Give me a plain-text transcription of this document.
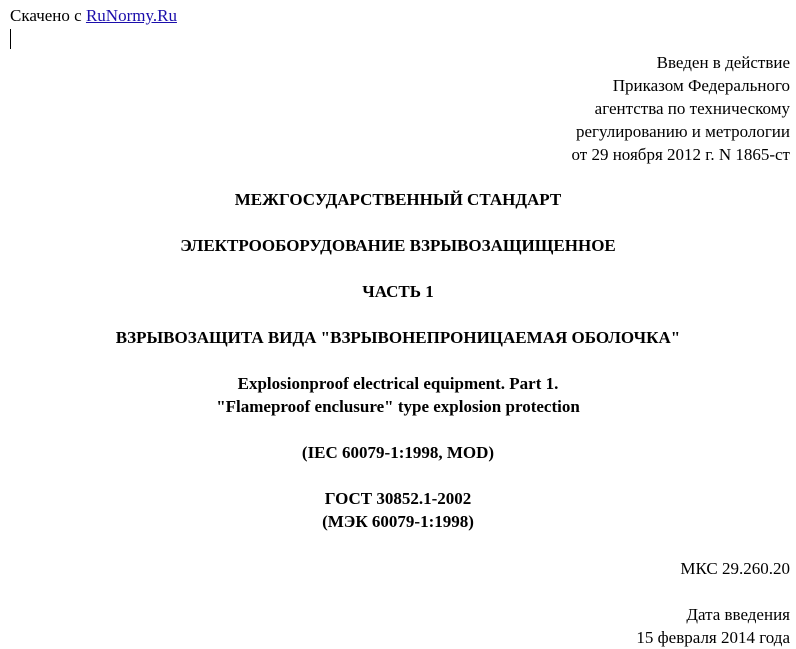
Скачено с RuNormy.Ru
Введен в действие
Приказом Федерального
агентства по техническому
регулированию и метрологии
от 29 ноября 2012 г. N 1865-ст
МЕЖГОСУДАРСТВЕННЫЙ СТАНДАРТ
ЭЛЕКТРООБОРУДОВАНИЕ ВЗРЫВОЗАЩИЩЕННОЕ
ЧАСТЬ 1
ВЗРЫВОЗАЩИТА ВИДА "ВЗРЫВОНЕПРОНИЦАЕМАЯ ОБОЛОЧКА"
Explosionproof electrical equipment. Part 1.
"Flameproof enclusure" type explosion protection
(IEC 60079-1:1998, MOD)
ГОСТ 30852.1-2002
(МЭК 60079-1:1998)
МКС 29.260.20
Дата введения
15 февраля 2014 года
